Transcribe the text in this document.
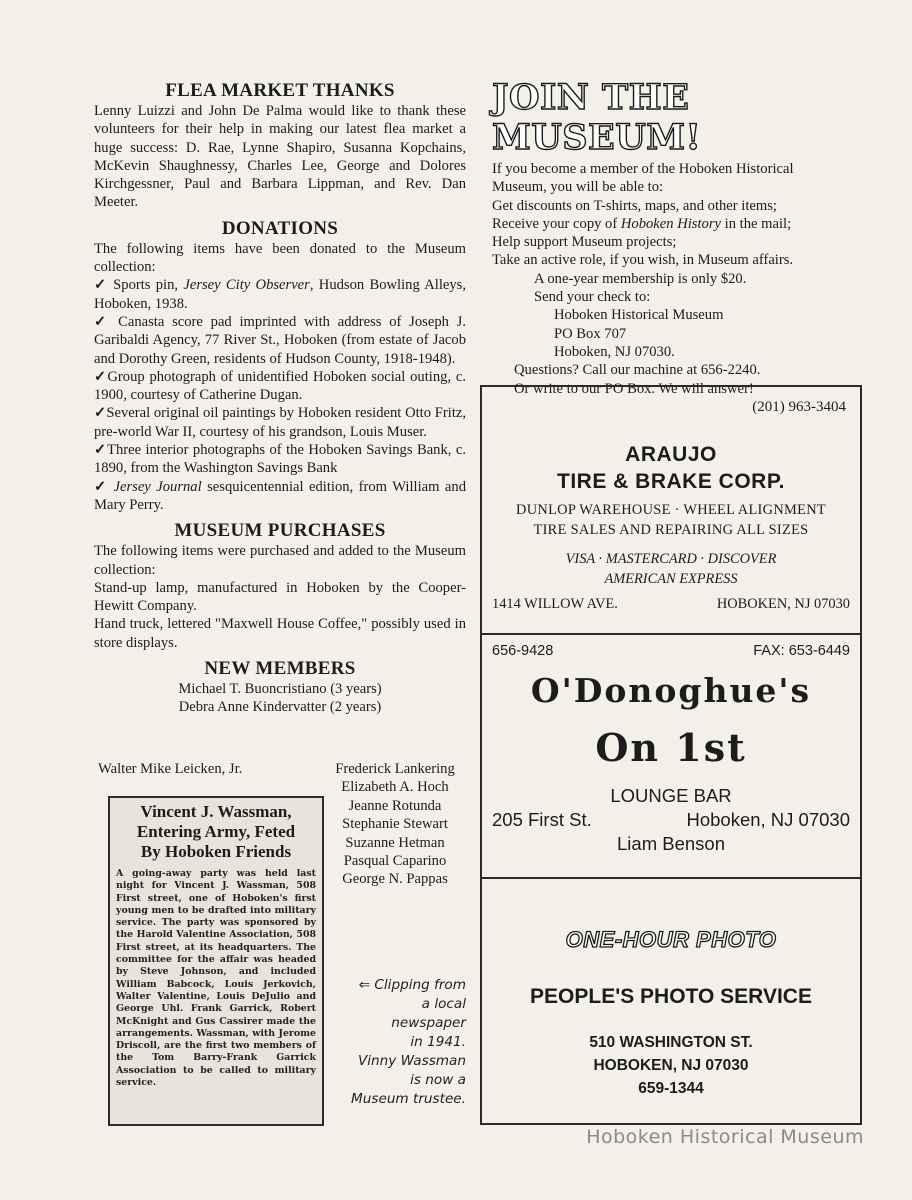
FLEA MARKET THANKS

Lenny Luizzi and John De Palma would like to thank these volunteers for their help in making our latest flea market a huge success: D. Rae, Lynne Shapiro, Susanna Kopchains, McKevin Shaughnessy, Charles Lee, George and Dolores Kirchgessner, Paul and Barbara Lippman, and Rev. Dan Meeter.

DONATIONS

The following items have been donated to the Museum collection:

✓ Sports pin, Jersey City Observer, Hudson Bowling Alleys, Hoboken, 1938.

✓ Canasta score pad imprinted with address of Joseph J. Garibaldi Agency, 77 River St., Hoboken (from estate of Jacob and Dorothy Green, residents of Hudson County, 1918-1948).

✓ Group photograph of unidentified Hoboken social outing, c. 1900, courtesy of Catherine Dugan.

✓ Several original oil paintings by Hoboken resident Otto Fritz, pre-world War II, courtesy of his grandson, Louis Muser.

✓ Three interior photographs of the Hoboken Savings Bank, c. 1890, from the Washington Savings Bank

✓ Jersey Journal sesquicentennial edition, from William and Mary Perry.

MUSEUM PURCHASES

The following items were purchased and added to the Museum collection:

Stand-up lamp, manufactured in Hoboken by the Cooper-Hewitt Company.

Hand truck, lettered "Maxwell House Coffee," possibly used in store displays.

NEW MEMBERS
Michael T. Buoncristiano (3 years)
Debra Anne Kindervatter (2 years)
Walter Mike Leicken, Jr.	Frederick Lankering
Elizabeth A. Hoch
Jeanne Rotunda
Stephanie Stewart
Suzanne Hetman
Pasqual Caparino
George N. Pappas
Vincent J. Wassman,
Entering Army, Feted
By Hoboken Friends
A going-away party was held last night for Vincent J. Wassman, 508 First street, one of Hoboken's first young men to be drafted into military service. The party was sponsored by the Harold Valentine Association, 508 First street, at its headquarters. The committee for the affair was headed by Steve Johnson, and included William Babcock, Louis Jerkovich, Walter Valentine, Louis DeJulio and George Uhl. Frank Garrick, Robert McKnight and Gus Cassirer made the arrangements. Wassman, with Jerome Driscoll, are the first two members of the Tom Barry-Frank Garrick Association to be called to military service.
⇐ Clipping from
a local
newspaper
in 1941.
Vinny Wassman
is now a
Museum trustee.
JOIN THE MUSEUM!
If you become a member of the Hoboken Historical
Museum, you will be able to:
Get discounts on T-shirts, maps, and other items;
Receive your copy of Hoboken History in the mail;
Help support Museum projects;
Take an active role, if you wish, in Museum affairs.
A one-year membership is only $20.
Send your check to:
Hoboken Historical Museum
PO Box 707
Hoboken, NJ 07030.
Questions? Call our machine at 656-2240.
Or write to our PO Box. We will answer!
(201) 963-3404
ARAUJO
TIRE & BRAKE CORP.
DUNLOP WAREHOUSE · WHEEL ALIGNMENT
TIRE SALES AND REPAIRING ALL SIZES
VISA · MASTERCARD · DISCOVER
AMERICAN EXPRESS
1414 WILLOW AVE.	HOBOKEN, NJ 07030
656-9428	FAX: 653-6449
O'Donoghue's
On 1st
LOUNGE BAR
205 First St.	Hoboken, NJ 07030
Liam Benson
ONE-HOUR PHOTO
PEOPLE'S PHOTO SERVICE
510 WASHINGTON ST.
HOBOKEN, NJ 07030
659-1344
Hoboken Historical Museum
